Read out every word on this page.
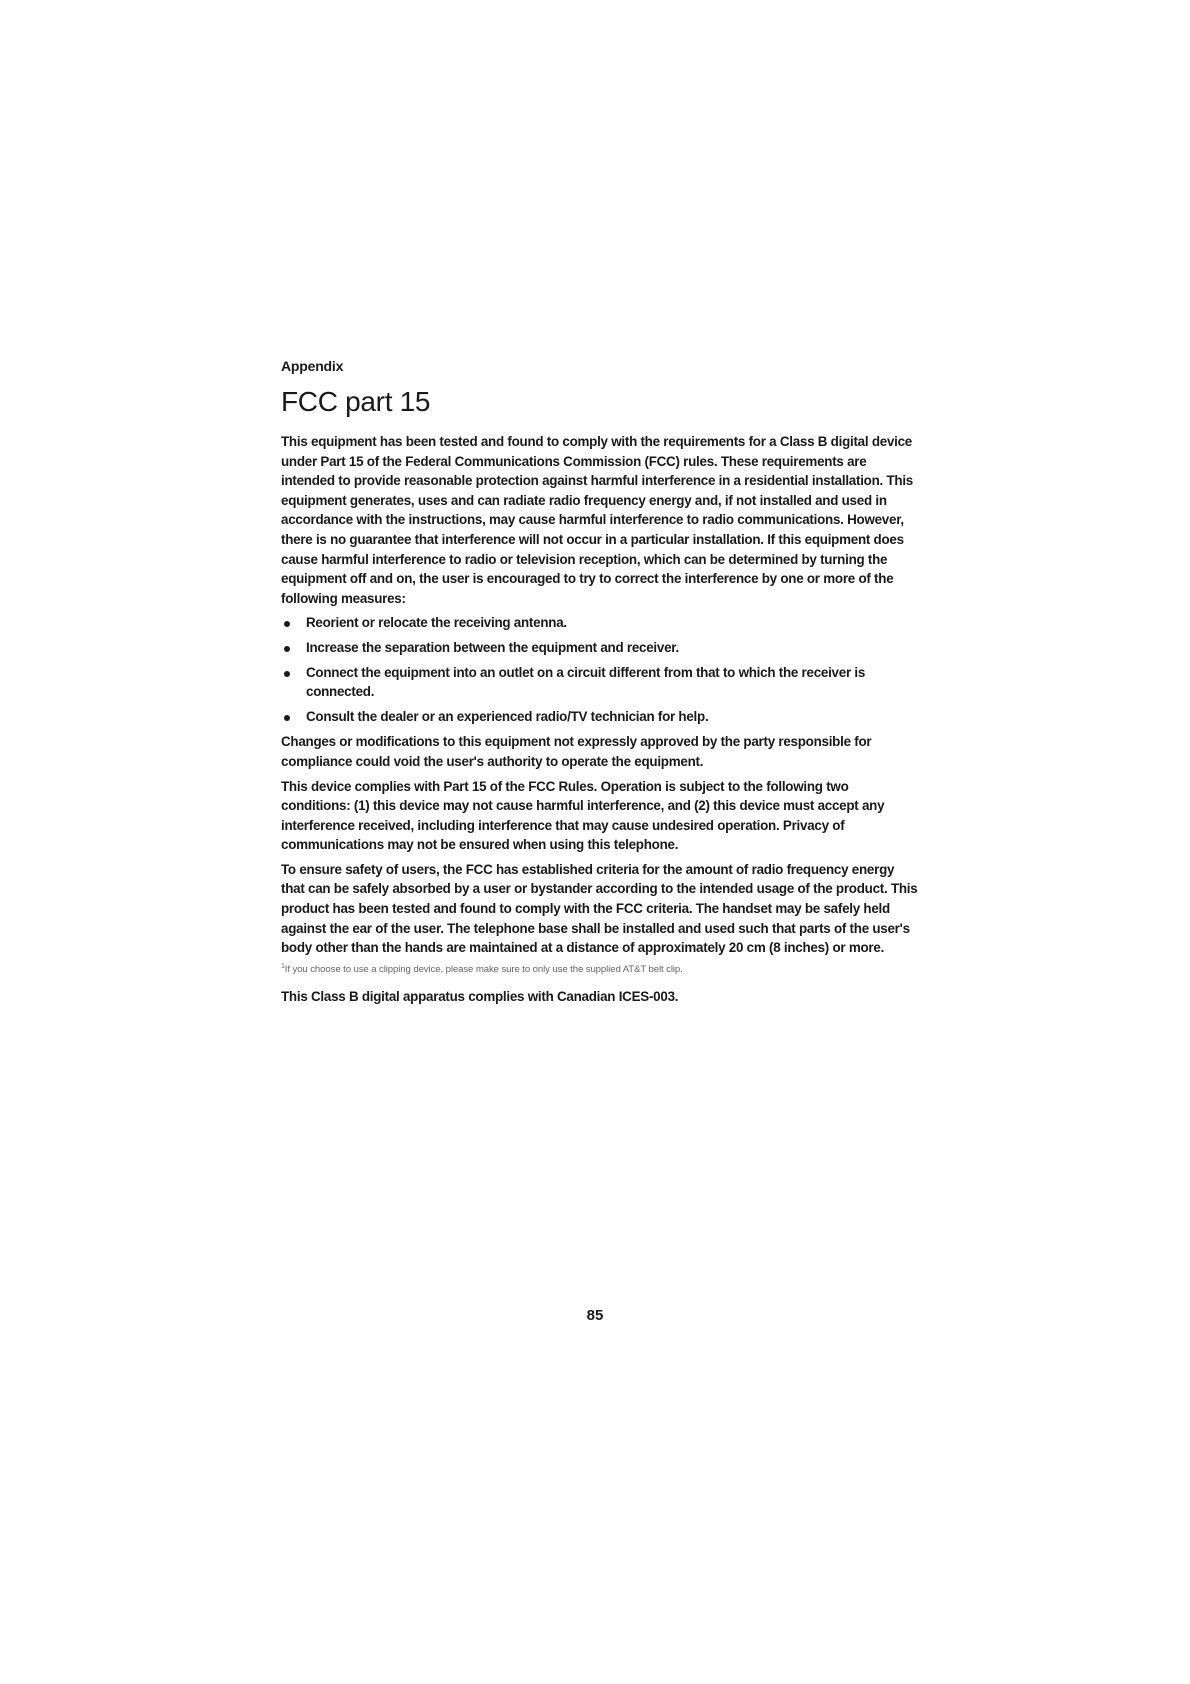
Appendix
FCC part 15

This equipment has been tested and found to comply with the requirements for a Class B digital device under Part 15 of the Federal Communications Commission (FCC) rules. These requirements are intended to provide reasonable protection against harmful interference in a residential installation. This equipment generates, uses and can radiate radio frequency energy and, if not installed and used in accordance with the instructions, may cause harmful interference to radio communications. However, there is no guarantee that interference will not occur in a particular installation. If this equipment does cause harmful interference to radio or television reception, which can be determined by turning the equipment off and on, the user is encouraged to try to correct the interference by one or more of the following measures:

Reorient or relocate the receiving antenna.
Increase the separation between the equipment and receiver.
Connect the equipment into an outlet on a circuit different from that to which the receiver is connected.
Consult the dealer or an experienced radio/TV technician for help.

Changes or modifications to this equipment not expressly approved by the party responsible for compliance could void the user's authority to operate the equipment.

This device complies with Part 15 of the FCC Rules. Operation is subject to the following two conditions: (1) this device may not cause harmful interference, and (2) this device must accept any interference received, including interference that may cause undesired operation. Privacy of communications may not be ensured when using this telephone.

To ensure safety of users, the FCC has established criteria for the amount of radio frequency energy that can be safely absorbed by a user or bystander according to the intended usage of the product. This product has been tested and found to comply with the FCC criteria. The handset may be safely held against the ear of the user. The telephone base shall be installed and used such that parts of the user's body other than the hands are maintained at a distance of approximately 20 cm (8 inches) or more.

$^1$If you choose to use a clipping device, please make sure to only use the supplied AT&T belt clip.

This Class B digital apparatus complies with Canadian ICES-003.

85
